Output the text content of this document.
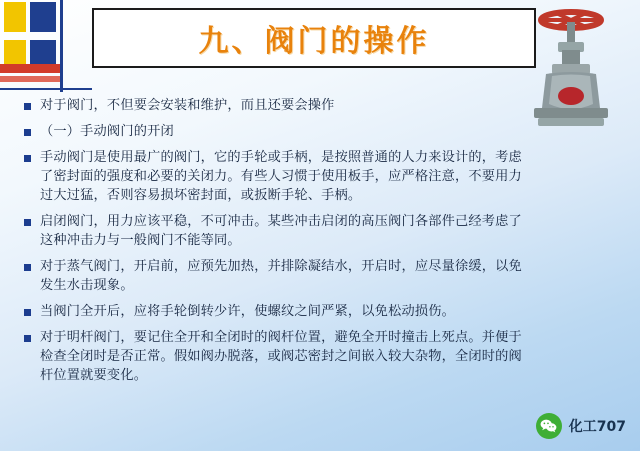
九、阀门的操作
对于阀门，不但要会安装和维护，而且还要会操作
（一）手动阀门的开闭
手动阀门是使用最广的阀门，它的手轮或手柄，是按照普通的人力来设计的，考虑了密封面的强度和必要的关闭力。有些人习惯于使用板手，应严格注意，不要用力过大过猛，否则容易损坏密封面，或扳断手轮、手柄。
启闭阀门，用力应该平稳，不可冲击。某些冲击启闭的高压阀门各部件己经考虑了这种冲击力与一般阀门不能等同。
对于蒸气阀门，开启前，应预先加热，并排除凝结水，开启时，应尽量徐缓，以免发生水击现象。
当阀门全开后，应将手轮倒转少许，使螺纹之间严紧，以免松动损伤。
对于明杆阀门，要记住全开和全闭时的阀杆位置，避免全开时撞击上死点。并便于检查全闭时是否正常。假如阀办脱落，或阀芯密封之间嵌入较大杂物，全闭时的阀杆位置就要变化。
化工707
